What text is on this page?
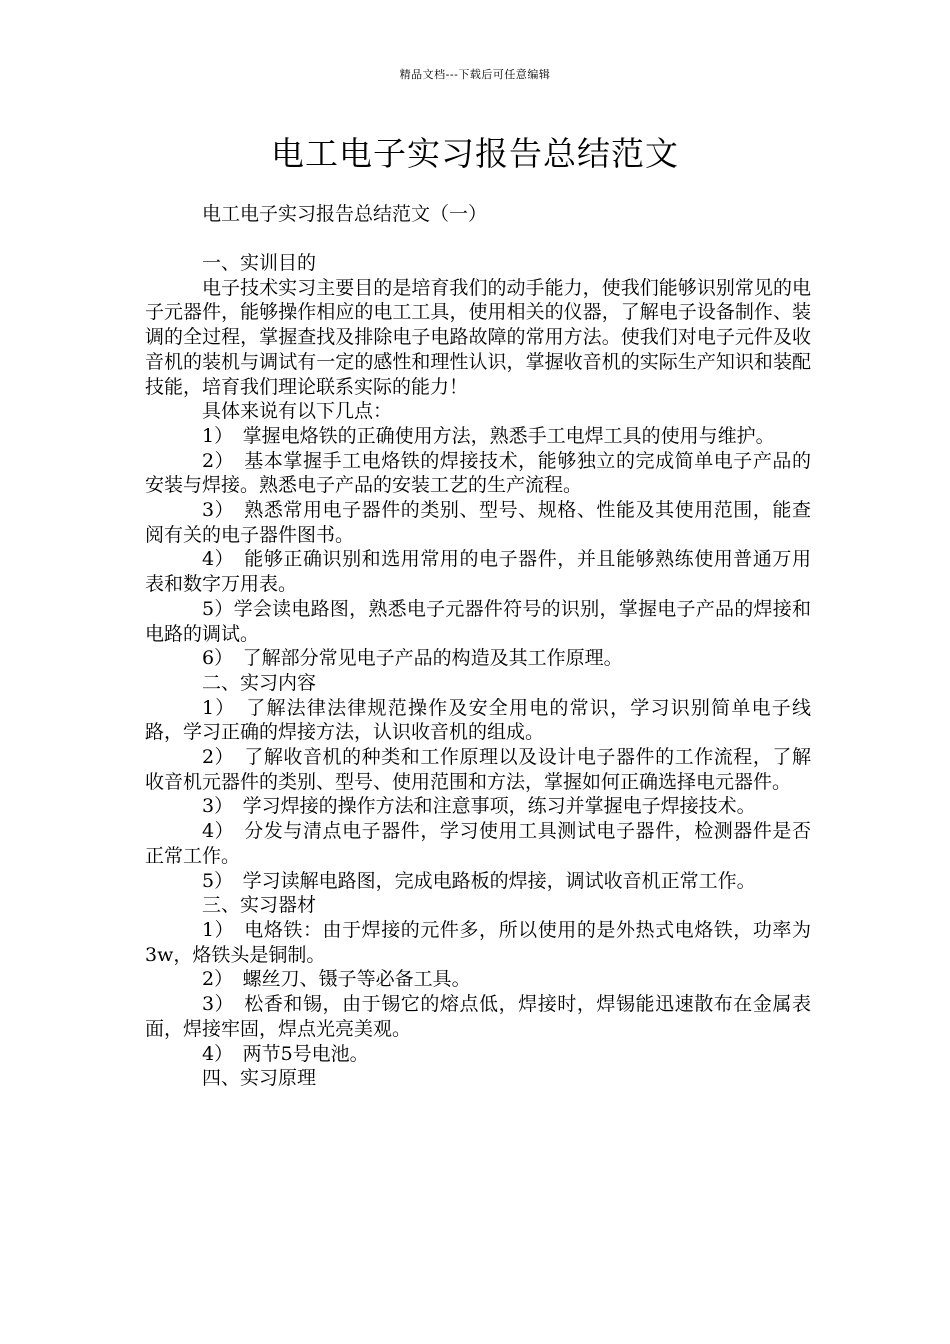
精品文档---下载后可任意编辑
电工电子实习报告总结范文
电工电子实习报告总结范文（一）

一、实训目的

电子技术实习主要目的是培育我们的动手能力，使我们能够识别常见的电子元器件，能够操作相应的电工工具，使用相关的仪器，了解电子设备制作、装调的全过程，掌握查找及排除电子电路故障的常用方法。使我们对电子元件及收音机的装机与调试有一定的感性和理性认识，掌握收音机的实际生产知识和装配技能，培育我们理论联系实际的能力！

具体来说有以下几点：

1）　掌握电烙铁的正确使用方法，熟悉手工电焊工具的使用与维护。

2）　基本掌握手工电烙铁的焊接技术，能够独立的完成简单电子产品的安装与焊接。熟悉电子产品的安装工艺的生产流程。

3）　熟悉常用电子器件的类别、型号、规格、性能及其使用范围，能查阅有关的电子器件图书。

4）　能够正确识别和选用常用的电子器件，并且能够熟练使用普通万用表和数字万用表。

5）学会读电路图，熟悉电子元器件符号的识别，掌握电子产品的焊接和电路的调试。

6）　了解部分常见电子产品的构造及其工作原理。

二、实习内容

1）　了解法律法律规范操作及安全用电的常识，学习识别简单电子线路，学习正确的焊接方法，认识收音机的组成。

2）　了解收音机的种类和工作原理以及设计电子器件的工作流程，了解收音机元器件的类别、型号、使用范围和方法，掌握如何正确选择电元器件。

3）　学习焊接的操作方法和注意事项，练习并掌握电子焊接技术。

4）　分发与清点电子器件，学习使用工具测试电子器件，检测器件是否正常工作。

5）　学习读解电路图，完成电路板的焊接，调试收音机正常工作。

三、实习器材

1）　电烙铁：由于焊接的元件多，所以使用的是外热式电烙铁，功率为3w，烙铁头是铜制。

2）　螺丝刀、镊子等必备工具。

3）　松香和锡，由于锡它的熔点低，焊接时，焊锡能迅速散布在金属表面，焊接牢固，焊点光亮美观。

4）　两节5号电池。

四、实习原理
